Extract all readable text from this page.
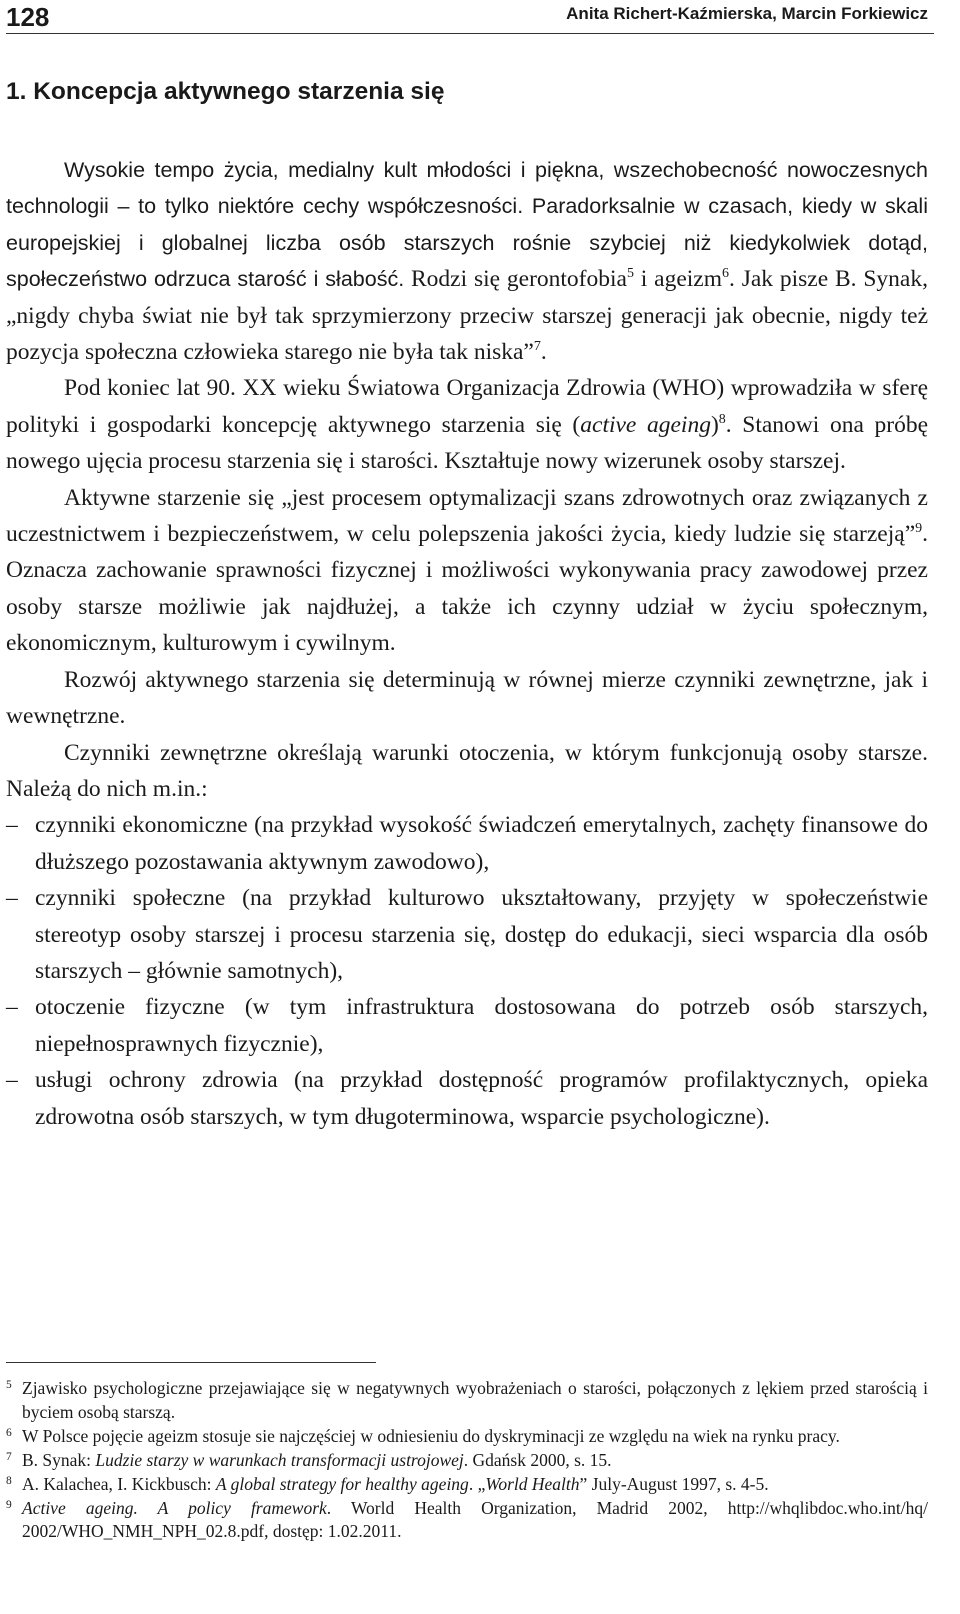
128	Anita Richert-Kaźmierska, Marcin Forkiewicz
1. Koncepcja aktywnego starzenia się

Wysokie tempo życia, medialny kult młodości i piękna, wszechobecność nowoczesnych technologii – to tylko niektóre cechy współczesności. Paradorksalnie w czasach, kiedy w skali europejskiej i globalnej liczba osób starszych rośnie szybciej niż kiedykolwiek dotąd, społeczeństwo odrzuca starość i słabość. Rodzi się gerontofobia$^5$ i ageizm$^6$. Jak pisze B. Synak, „nigdy chyba świat nie był tak sprzymierzony przeciw starszej generacji jak obecnie, nigdy też pozycja społeczna człowieka starego nie była tak niska”$^7$.

Pod koniec lat 90. XX wieku Światowa Organizacja Zdrowia (WHO) wprowadziła w sferę polityki i gospodarki koncepcję aktywnego starzenia się (active ageing)$^8$. Stanowi ona próbę nowego ujęcia procesu starzenia się i starości. Kształtuje nowy wizerunek osoby starszej.

Aktywne starzenie się „jest procesem optymalizacji szans zdrowotnych oraz związanych z uczestnictwem i bezpieczeństwem, w celu polepszenia jakości życia, kiedy ludzie się starzeją”$^9$. Oznacza zachowanie sprawności fizycznej i możliwości wykonywania pracy zawodowej przez osoby starsze możliwie jak najdłużej, a także ich czynny udział w życiu społecznym, ekonomicznym, kulturowym i cywilnym.

Rozwój aktywnego starzenia się determinują w równej mierze czynniki zewnętrzne, jak i wewnętrzne.

Czynniki zewnętrzne określają warunki otoczenia, w którym funkcjonują osoby starsze. Należą do nich m.in.:

– czynniki ekonomiczne (na przykład wysokość świadczeń emerytalnych, zachęty finansowe do dłuższego pozostawania aktywnym zawodowo),
– czynniki społeczne (na przykład kulturowo ukształtowany, przyjęty w społeczeństwie stereotyp osoby starszej i procesu starzenia się, dostęp do edukacji, sieci wsparcia dla osób starszych – głównie samotnych),
– otoczenie fizyczne (w tym infrastruktura dostosowana do potrzeb osób starszych, niepełnosprawnych fizycznie),
– usługi ochrony zdrowia (na przykład dostępność programów profilaktycznych, opieka zdrowotna osób starszych, w tym długoterminowa, wsparcie psychologiczne).
5 Zjawisko psychologiczne przejawiające się w negatywnych wyobrażeniach o starości, połączonych z lękiem przed starością i byciem osobą starszą.
6 W Polsce pojęcie ageizm stosuje sie najczęściej w odniesieniu do dyskryminacji ze względu na wiek na rynku pracy.
7 B. Synak: Ludzie starzy w warunkach transformacji ustrojowej. Gdańsk 2000, s. 15.
8 A. Kalachea, I. Kickbusch: A global strategy for healthy ageing. „World Health” July-August 1997, s. 4-5.
9 Active ageing. A policy framework. World Health Organization, Madrid 2002, http://whqlibdoc.who.int/hq/ 2002/WHO_NMH_NPH_02.8.pdf, dostęp: 1.02.2011.
